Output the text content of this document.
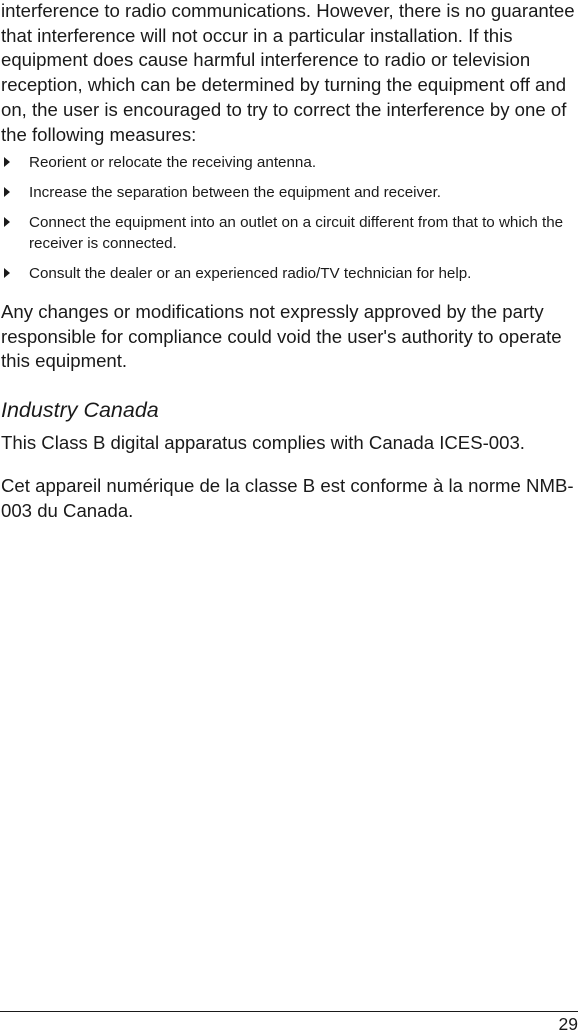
interference to radio communications. However, there is no guarantee that interference will not occur in a particular installation. If this equipment does cause harmful interference to radio or television reception, which can be determined by turning the equipment off and on, the user is encouraged to try to correct the interference by one of the following measures:

Reorient or relocate the receiving antenna.
Increase the separation between the equipment and receiver.
Connect the equipment into an outlet on a circuit different from that to which the receiver is connected.
Consult the dealer or an experienced radio/TV technician for help.

Any changes or modifications not expressly approved by the party responsible for compliance could void the user's authority to operate this equipment.

Industry Canada

This Class B digital apparatus complies with Canada ICES-003.

Cet appareil numérique de la classe B est conforme à la norme NMB-003 du Canada.

29
